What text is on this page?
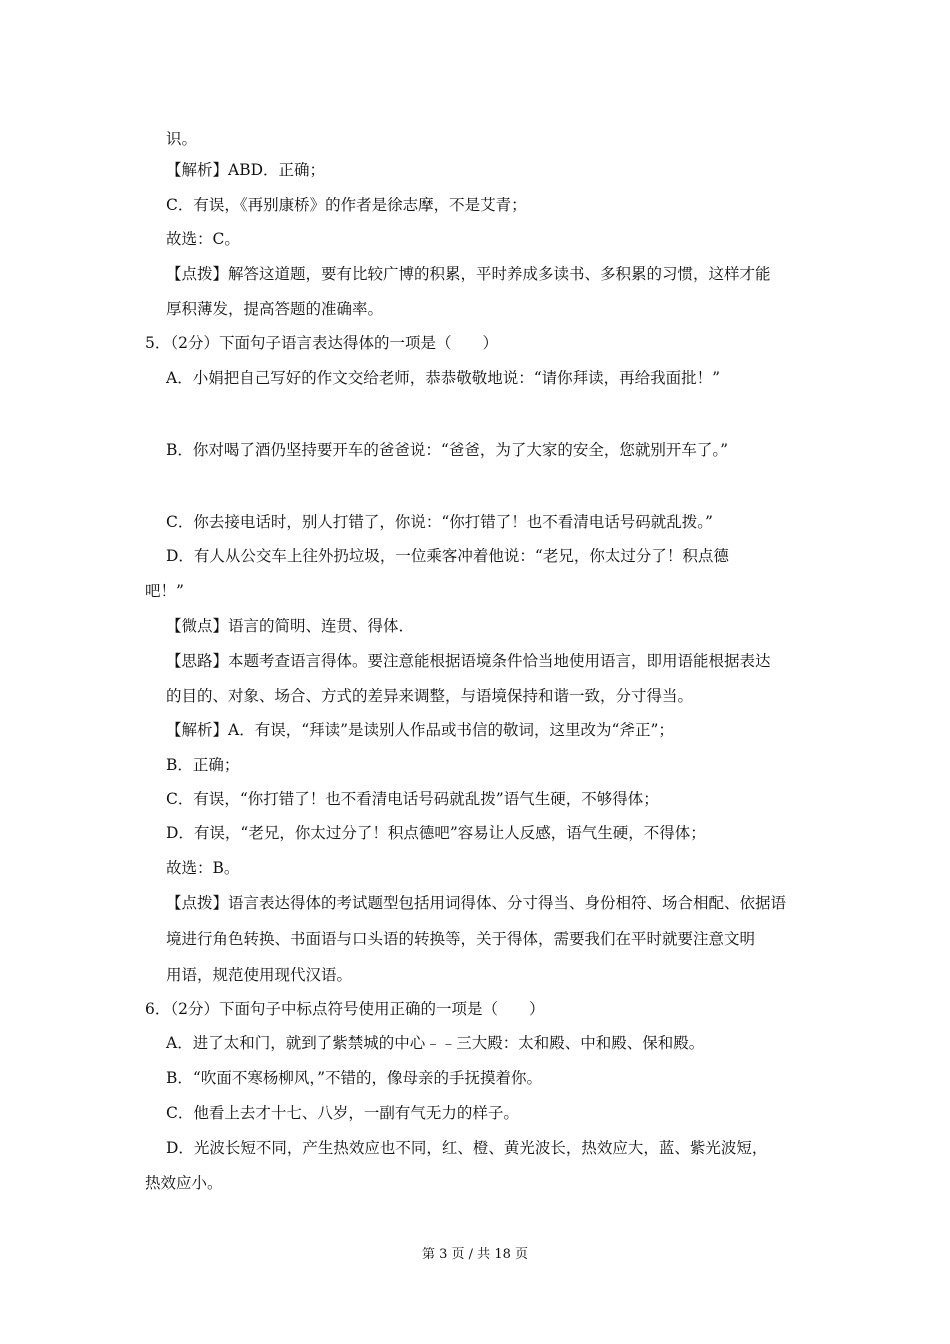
识。
【解析】ABD．正确；
C．有误，《再别康桥》的作者是徐志摩，不是艾青；
故选：C。
【点拨】解答这道题，要有比较广博的积累，平时养成多读书、多积累的习惯，这样才能
厚积薄发，提高答题的准确率。
5．（2分）下面句子语言表达得体的一项是（　　）
A．小娟把自己写好的作文交给老师，恭恭敬敬地说：“请你拜读，再给我面批！”
B．你对喝了酒仍坚持要开车的爸爸说：“爸爸，为了大家的安全，您就别开车了。”
C．你去接电话时，别人打错了，你说：“你打错了！也不看清电话号码就乱拨。”
D．有人从公交车上往外扔垃圾，一位乘客冲着他说：“老兄，你太过分了！积点德
吧！”
【微点】语言的简明、连贯、得体．
【思路】本题考查语言得体。要注意能根据语境条件恰当地使用语言，即用语能根据表达
的目的、对象、场合、方式的差异来调整，与语境保持和谐一致，分寸得当。
【解析】A．有误，“拜读”是读别人作品或书信的敬词，这里改为“斧正”；
B．正确；
C．有误，“你打错了！也不看清电话号码就乱拨”语气生硬，不够得体；
D．有误，“老兄，你太过分了！积点德吧”容易让人反感，语气生硬，不得体；
故选：B。
【点拨】语言表达得体的考试题型包括用词得体、分寸得当、身份相符、场合相配、依据语
境进行角色转换、书面语与口头语的转换等，关于得体，需要我们在平时就要注意文明
用语，规范使用现代汉语。
6．（2分）下面句子中标点符号使用正确的一项是（　　）
A．进了太和门，就到了紫禁城的中心﹣﹣三大殿：太和殿、中和殿、保和殿。
B．“吹面不寒杨柳风，”不错的，像母亲的手抚摸着你。
C．他看上去才十七、八岁，一副有气无力的样子。
D．光波长短不同，产生热效应也不同，红、橙、黄光波长，热效应大，蓝、紫光波短，
热效应小。
第 3 页 / 共 18 页
